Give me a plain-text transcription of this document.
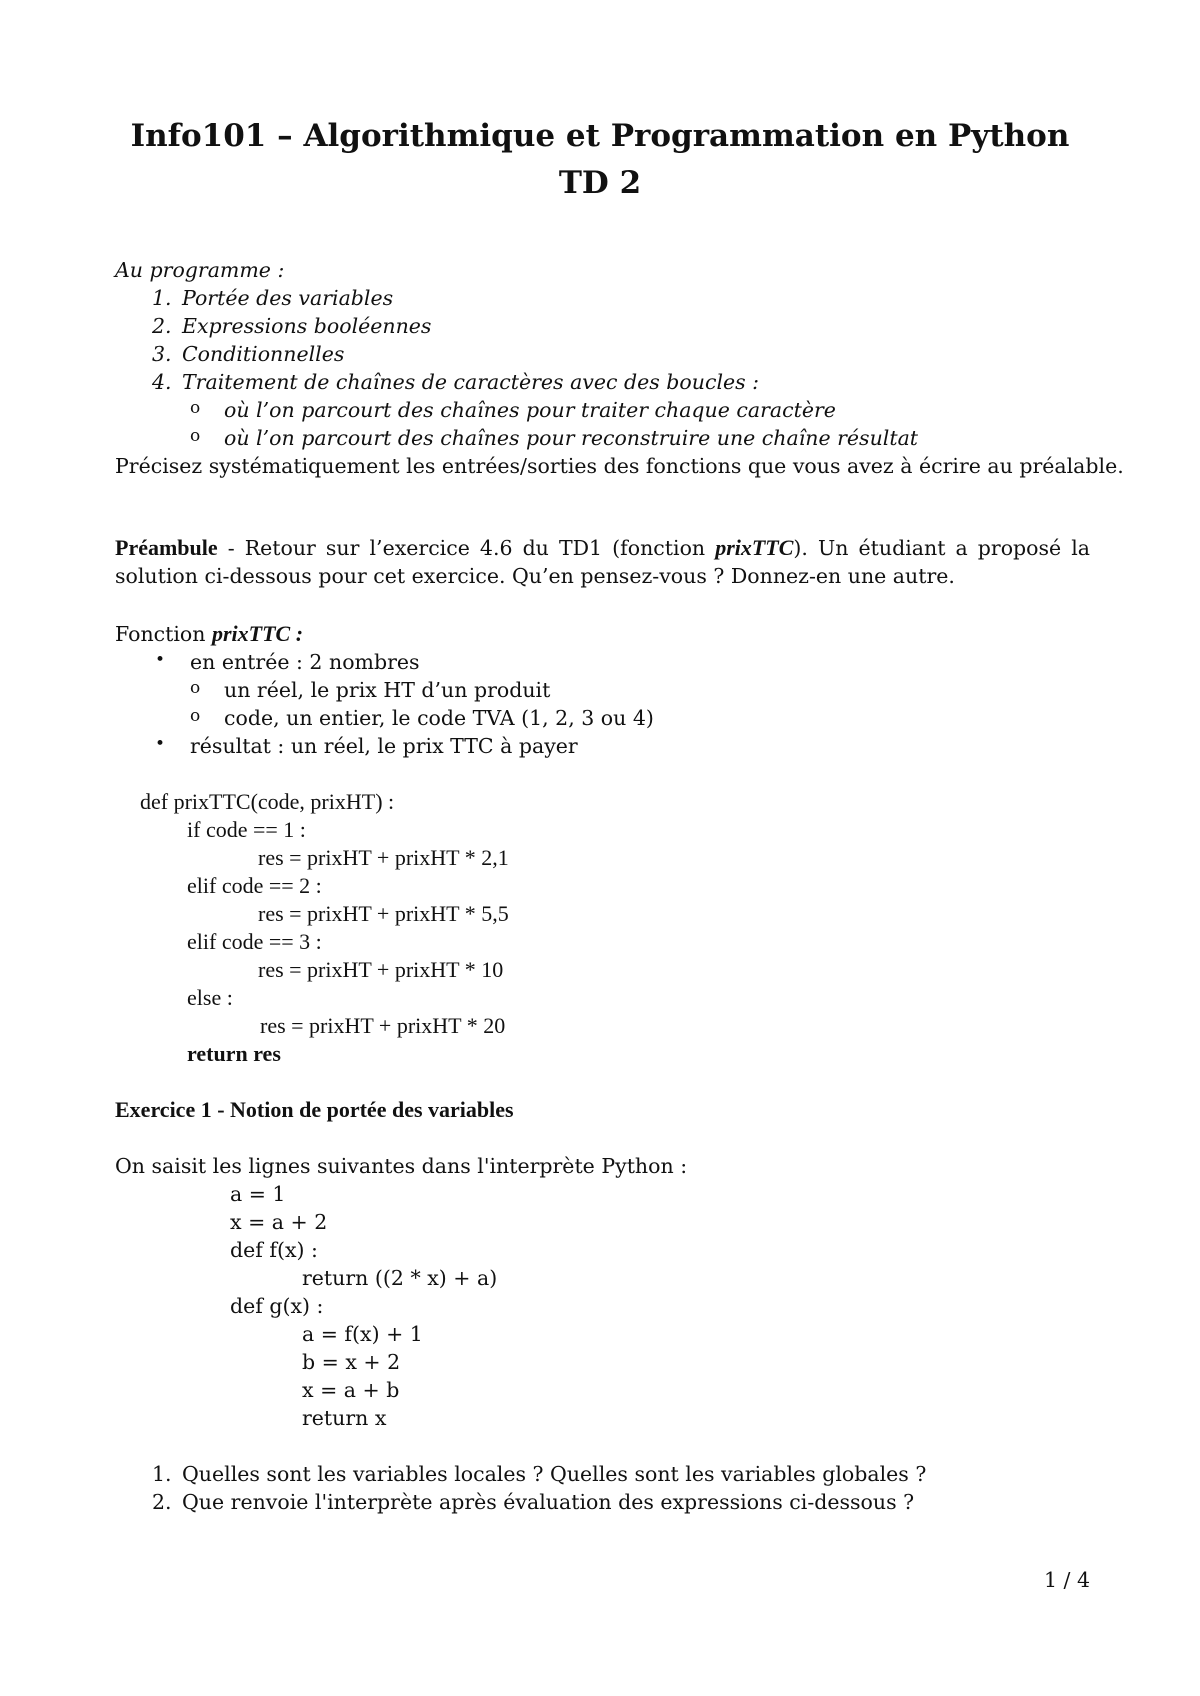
Info101 – Algorithmique et Programmation en Python
TD 2
Au programme :
1. Portée des variables
2. Expressions booléennes
3. Conditionnelles
4. Traitement de chaînes de caractères avec des boucles :
o où l’on parcourt des chaînes pour traiter chaque caractère
o où l’on parcourt des chaînes pour reconstruire une chaîne résultat
Précisez systématiquement les entrées/sorties des fonctions que vous avez à écrire au préalable.
Préambule - Retour sur l’exercice 4.6 du TD1 (fonction prixTTC). Un étudiant a proposé la solution ci-dessous pour cet exercice. Qu’en pensez-vous ? Donnez-en une autre.
Fonction prixTTC :
• en entrée : 2 nombres
o un réel, le prix HT d’un produit
o code, un entier, le code TVA (1, 2, 3 ou 4)
• résultat : un réel, le prix TTC à payer
def prixTTC(code, prixHT) :
if code == 1 :
res = prixHT + prixHT * 2,1
elif code == 2 :
res = prixHT + prixHT * 5,5
elif code == 3 :
res = prixHT + prixHT * 10
else :
res = prixHT + prixHT * 20
return res
Exercice 1 - Notion de portée des variables
On saisit les lignes suivantes dans l'interprète Python :
a = 1
x = a + 2
def f(x) :
return ((2 * x) + a)
def g(x) :
a = f(x) + 1
b = x + 2
x = a + b
return x
1. Quelles sont les variables locales ? Quelles sont les variables globales ?
2. Que renvoie l'interprète après évaluation des expressions ci-dessous ?
1 / 4
